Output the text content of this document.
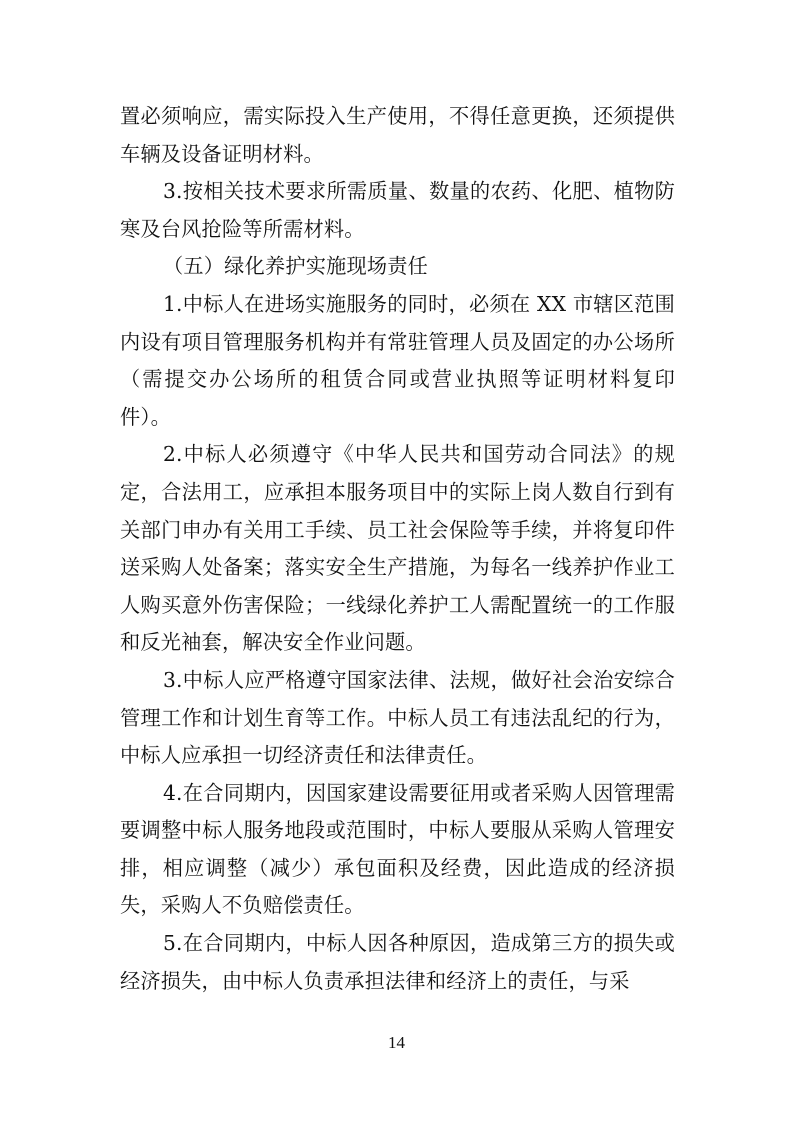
置必须响应，需实际投入生产使用，不得任意更换，还须提供车辆及设备证明材料。

3.按相关技术要求所需质量、数量的农药、化肥、植物防寒及台风抢险等所需材料。

（五）绿化养护实施现场责任

1.中标人在进场实施服务的同时，必须在 XX 市辖区范围内设有项目管理服务机构并有常驻管理人员及固定的办公场所（需提交办公场所的租赁合同或营业执照等证明材料复印件）。

2.中标人必须遵守《中华人民共和国劳动合同法》的规定，合法用工，应承担本服务项目中的实际上岗人数自行到有关部门申办有关用工手续、员工社会保险等手续，并将复印件送采购人处备案；落实安全生产措施，为每名一线养护作业工人购买意外伤害保险；一线绿化养护工人需配置统一的工作服和反光袖套，解决安全作业问题。

3.中标人应严格遵守国家法律、法规，做好社会治安综合管理工作和计划生育等工作。中标人员工有违法乱纪的行为，中标人应承担一切经济责任和法律责任。

4.在合同期内，因国家建设需要征用或者采购人因管理需要调整中标人服务地段或范围时，中标人要服从采购人管理安排，相应调整（减少）承包面积及经费，因此造成的经济损失，采购人不负赔偿责任。

5.在合同期内，中标人因各种原因，造成第三方的损失或经济损失，由中标人负责承担法律和经济上的责任，与采

14
